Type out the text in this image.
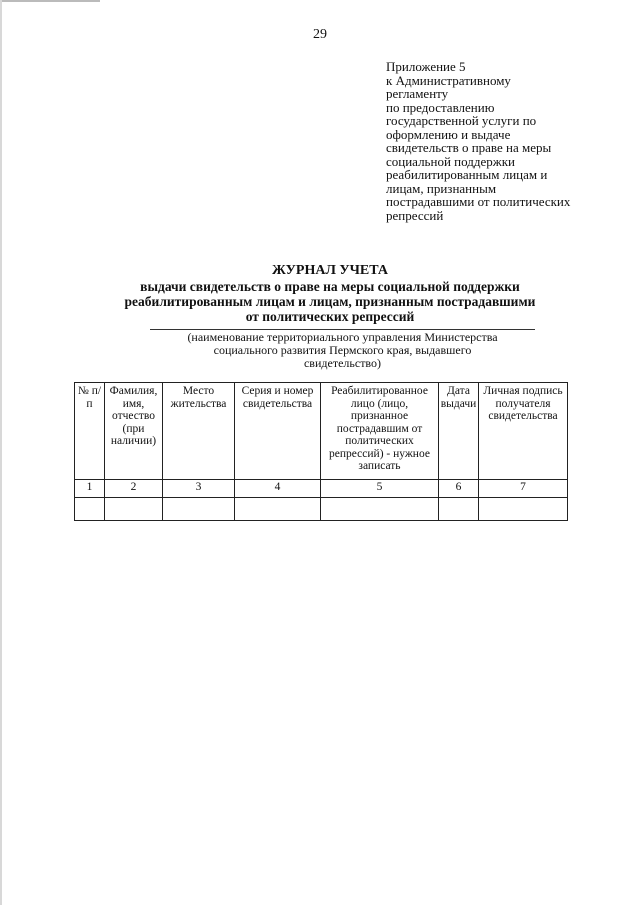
29
Приложение 5
к Административному
регламенту
по предоставлению
государственной услуги по
оформлению и выдаче
свидетельств о праве на меры
социальной поддержки
реабилитированным лицам и
лицам, признанным
пострадавшими от политических
репрессий
ЖУРНАЛ УЧЕТА
выдачи свидетельств о праве на меры социальной поддержки
реабилитированным лицам и лицам, признанным пострадавшими
от политических репрессий
(наименование территориального управления Министерства
социального развития Пермского края, выдавшего
свидетельство)
№ п/п	Фамилия, имя, отчество (при наличии)	Место жительства	Серия и номер свидетельства	Реабилитированное лицо (лицо, признанное пострадавшим от политических репрессий) - нужное записать	Дата выдачи	Личная подпись получателя свидетельства
1	2	3	4	5	6	7
